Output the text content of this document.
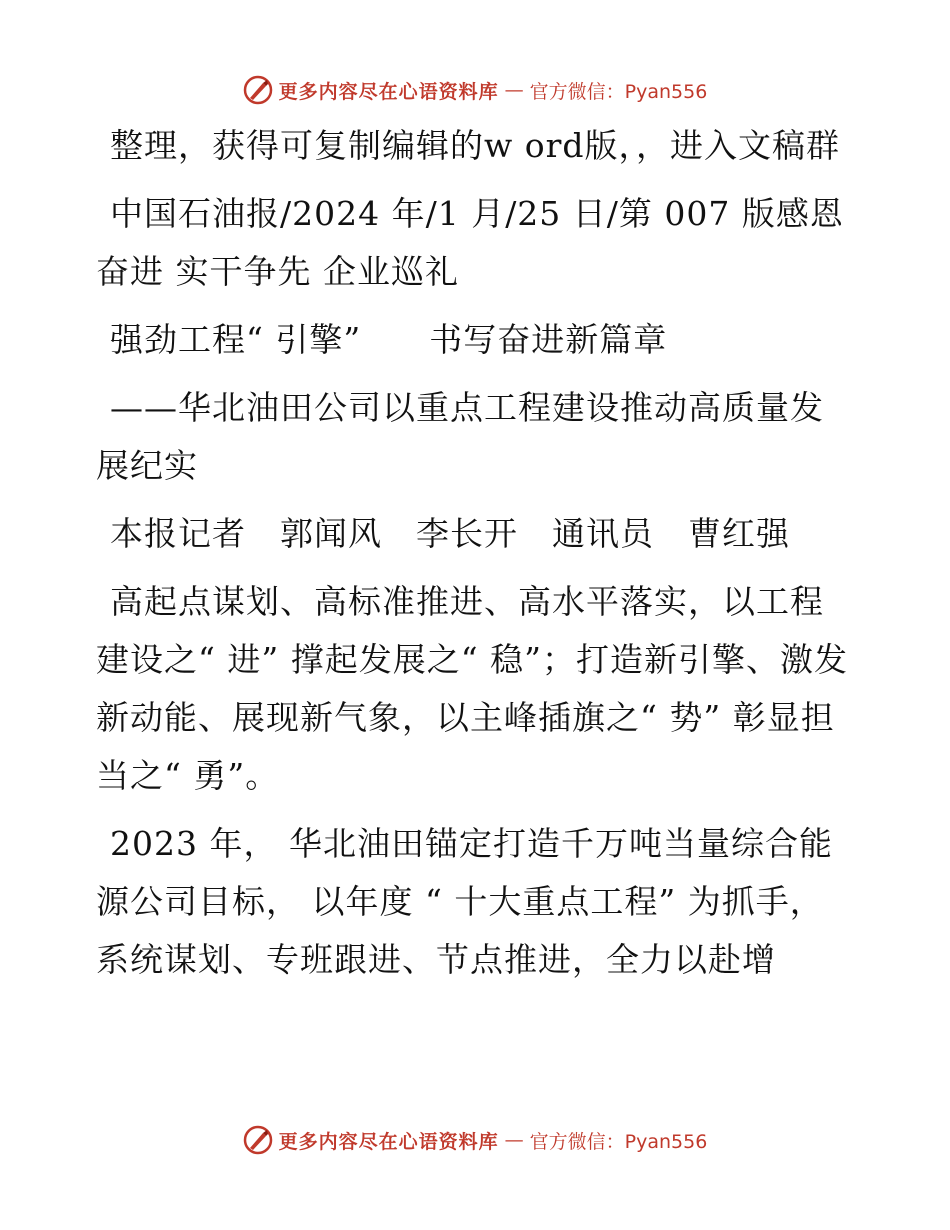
更多内容尽在心语资料库 — 官方微信：Pyan556

整理，获得可复制编辑的w ord版，，进入文稿群

中国石油报/2024 年/1 月/25 日/第 007 版感恩奋进 实干争先 企业巡礼

强劲工程“ 引擎”　　书写奋进新篇章

——华北油田公司以重点工程建设推动高质量发展纪实

本报记者　郭闻风　李长开　通讯员　曹红强

高起点谋划、高标准推进、高水平落实，以工程建设之“ 进” 撑起发展之“ 稳”；打造新引擎、激发新动能、展现新气象，以主峰插旗之“ 势” 彰显担当之“ 勇”。

2023 年， 华北油田锚定打造千万吨当量综合能源公司目标， 以年度 “ 十大重点工程” 为抓手，系统谋划、专班跟进、节点推进，全力以赴增

更多内容尽在心语资料库 — 官方微信：Pyan556
